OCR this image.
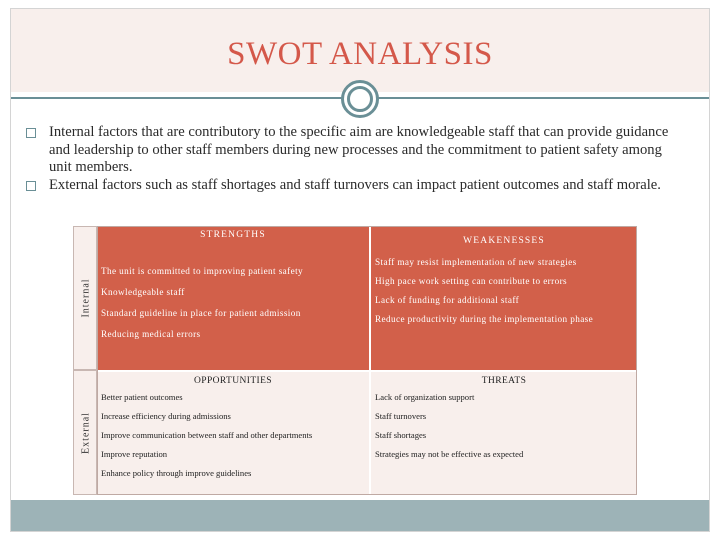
SWOT ANALYSIS
Internal factors that are contributory to the specific aim are knowledgeable staff that can provide guidance and leadership to other staff members during new processes and the commitment to patient safety among unit members.
External factors such as staff shortages and staff turnovers can impact patient outcomes and staff morale.
Internal
External
STRENGTHS
The unit is committed to improving patient safety
Knowledgeable staff
Standard guideline in place for patient admission
Reducing medical errors
WEAKENESSES
Staff may resist implementation of new strategies
High pace work setting can contribute to errors
Lack of funding for additional staff
Reduce productivity during the implementation phase
OPPORTUNITIES
Better patient outcomes
Increase efficiency during admissions
Improve communication between staff and other departments
Improve reputation
Enhance policy through improve guidelines
THREATS
Lack of organization support
Staff turnovers
Staff shortages
Strategies may not be effective as expected
